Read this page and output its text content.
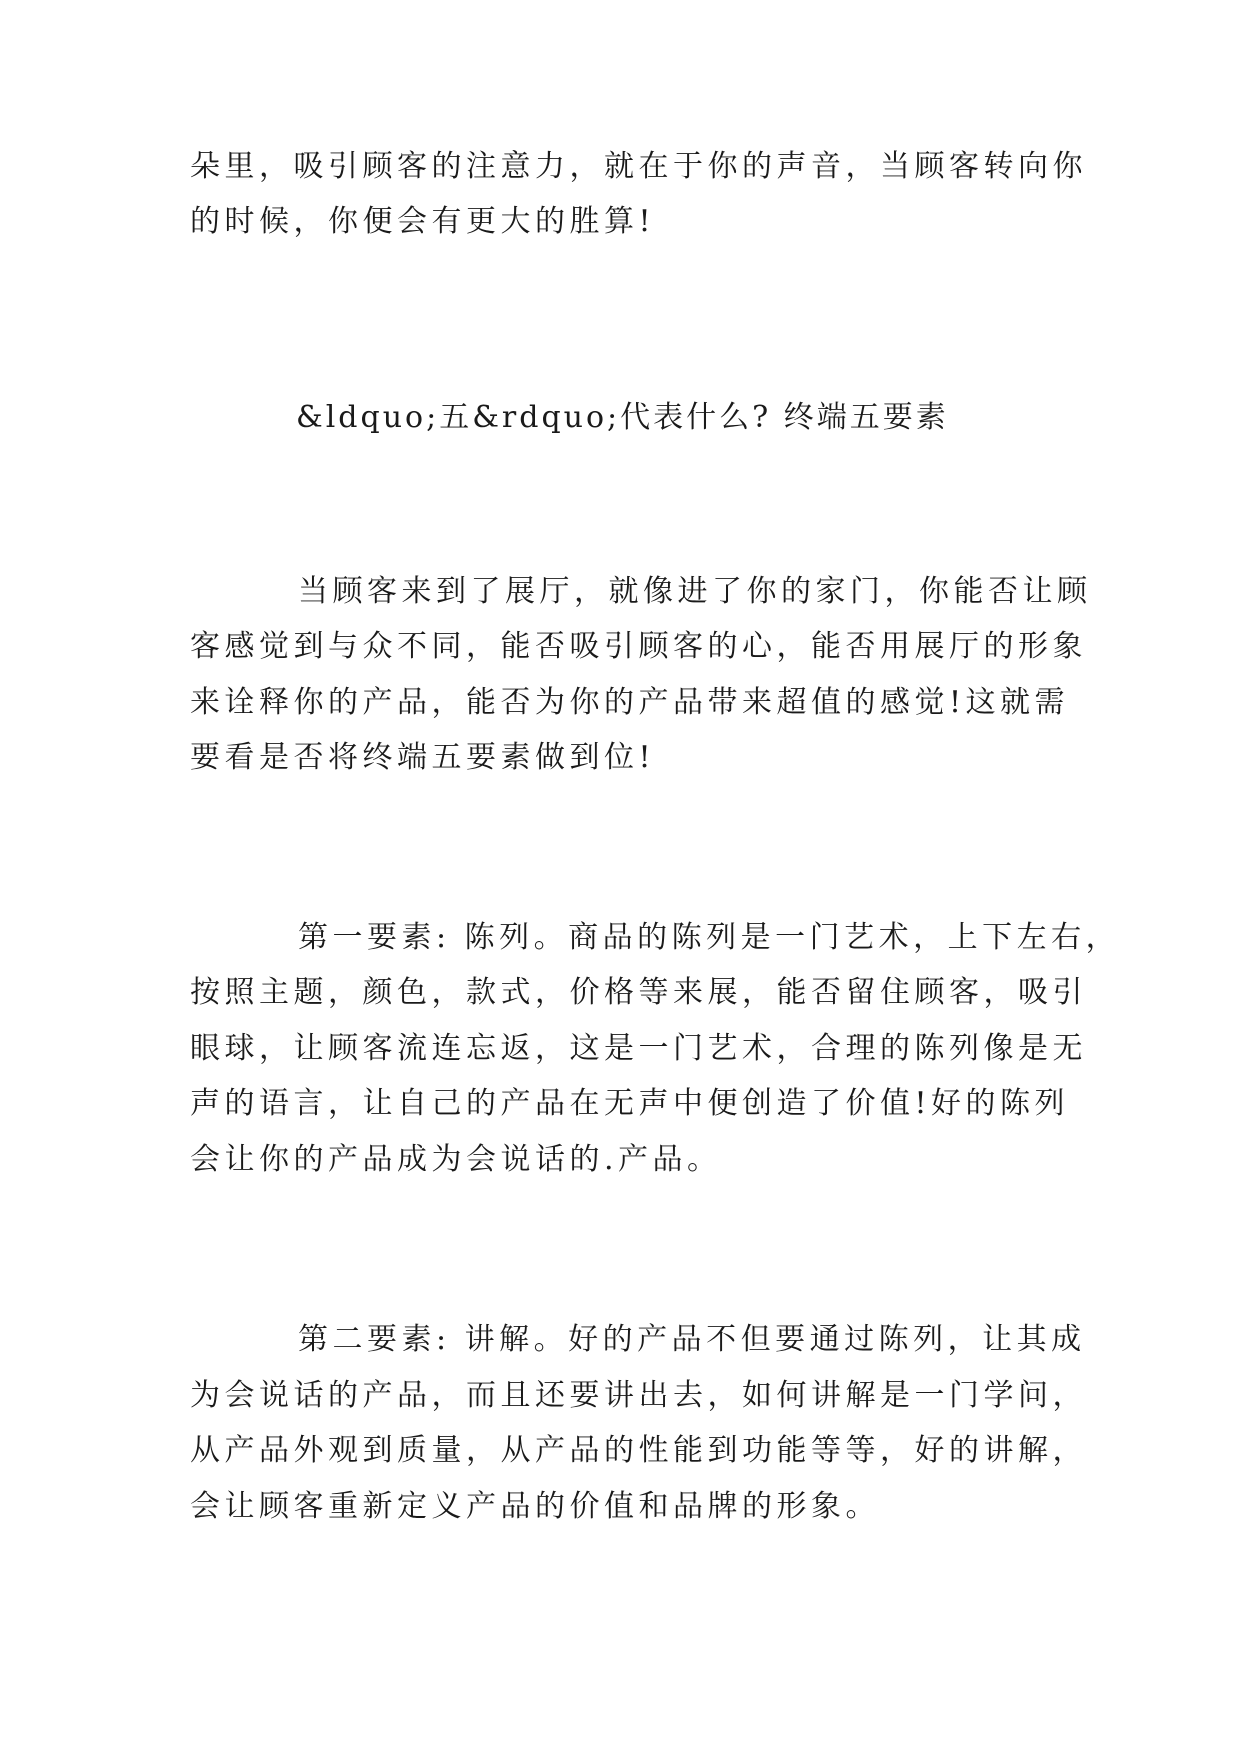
朵里，吸引顾客的注意力，就在于你的声音，当顾客转向你
的时候，你便会有更大的胜算!
&ldquo;五&rdquo;代表什么? 终端五要素
当顾客来到了展厅，就像进了你的家门，你能否让顾
客感觉到与众不同，能否吸引顾客的心，能否用展厅的形象
来诠释你的产品，能否为你的产品带来超值的感觉!这就需
要看是否将终端五要素做到位!
第一要素: 陈列。商品的陈列是一门艺术，上下左右，
按照主题，颜色，款式，价格等来展，能否留住顾客，吸引
眼球，让顾客流连忘返，这是一门艺术，合理的陈列像是无
声的语言，让自己的产品在无声中便创造了价值!好的陈列
会让你的产品成为会说话的.产品。
第二要素: 讲解。好的产品不但要通过陈列，让其成
为会说话的产品，而且还要讲出去，如何讲解是一门学问，
从产品外观到质量，从产品的性能到功能等等，好的讲解，
会让顾客重新定义产品的价值和品牌的形象。
